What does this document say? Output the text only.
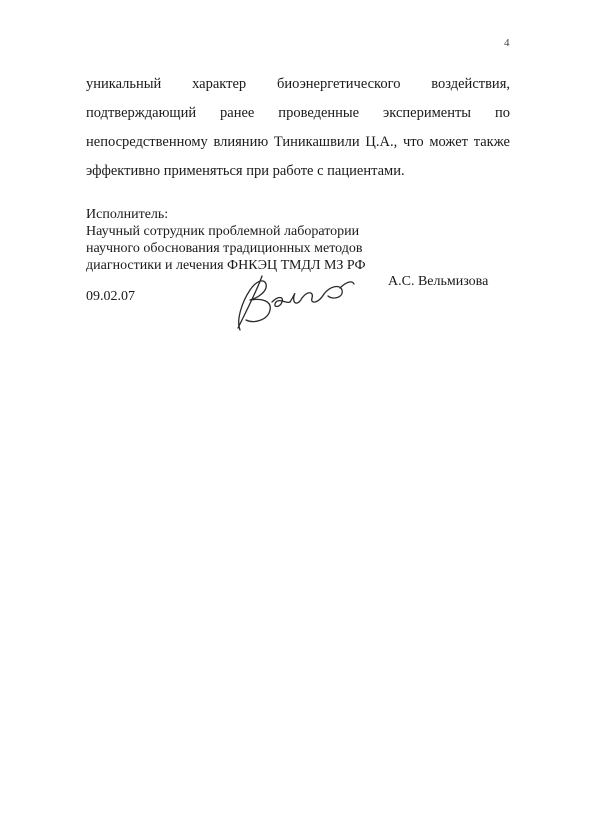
4
уникальный характер биоэнергетического воздействия,
подтверждающий ранее проведенные эксперименты по
непосредственному влиянию Тиникашвили Ц.А., что может также
эффективно применяться при работе с пациентами.
Исполнитель:
Научный сотрудник проблемной лаборатории
научного обоснования традиционных методов
диагностики и лечения ФНКЭЦ ТМДЛ МЗ РФ
А.С. Вельмизова
09.02.07
